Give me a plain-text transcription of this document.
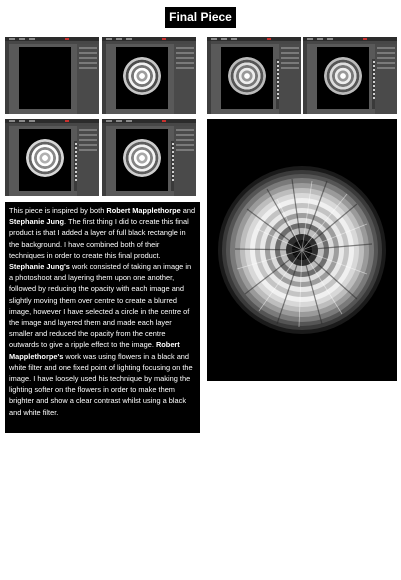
Final Piece

This piece is inspired by both Robert Mapplethorpe and Stephanie Jung. The first thing I did to create this final product is that I added a layer of full black rectangle in the background. I have combined both of their techniques in order to create this final product. Stephanie Jung's work consisted of taking an image in a photoshoot and layering them upon one another, followed by reducing the opacity with each image and slightly moving them over centre to create a blurred image, however I have selected a circle in the centre of the image and layered them and made each layer smaller and reduced the opacity from the centre outwards to give a ripple effect to the image. Robert Mapplethorpe's work was using flowers in a black and white filter and one fixed point of lighting focusing on the image. I have loosely used his technique by making the lighting softer on the flowers in order to make them brighter and show a clear contrast whilst using a black and white filter.
